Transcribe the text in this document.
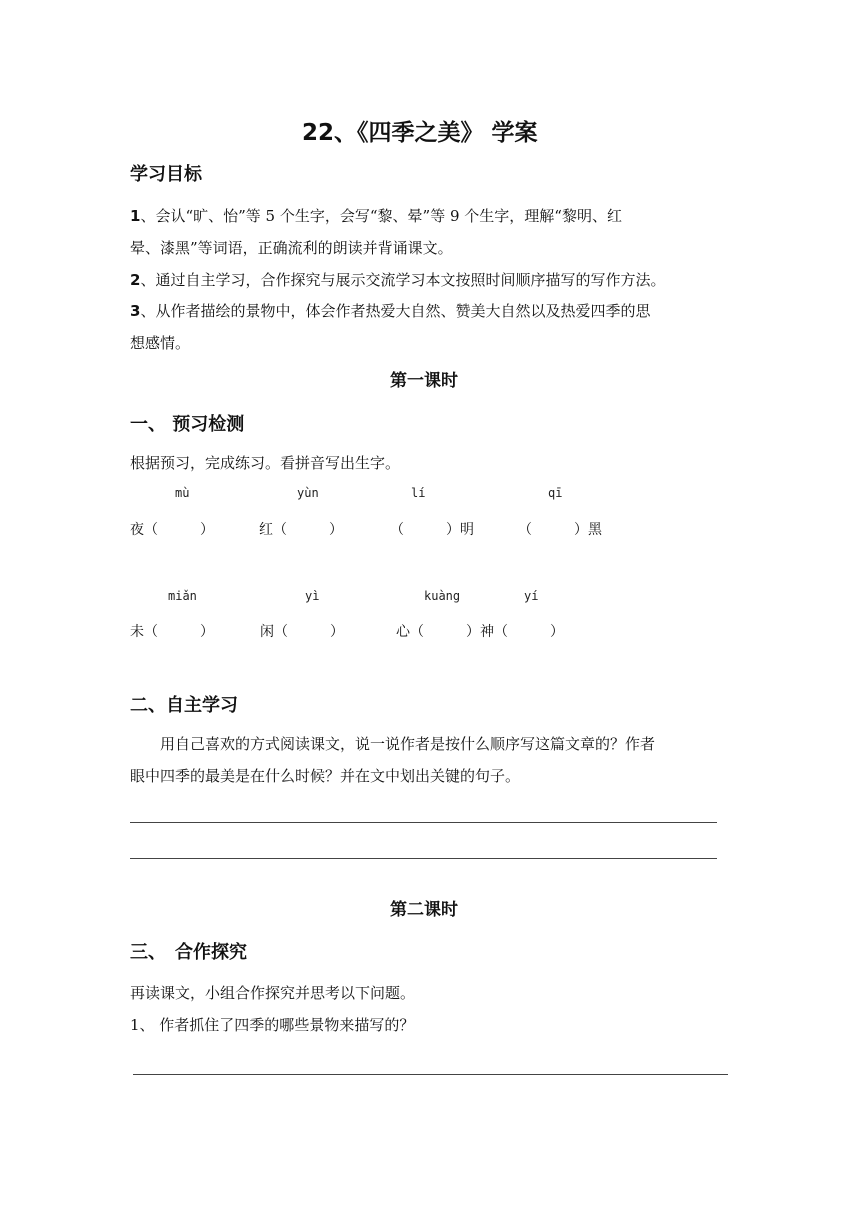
22、《四季之美》 学案
学习目标
1、会认“旷、怡”等 5 个生字，会写“黎、晕”等 9 个生字，理解“黎明、红
晕、漆黑”等词语，正确流利的朗读并背诵课文。
2、通过自主学习，合作探究与展示交流学习本文按照时间顺序描写的写作方法。
3、从作者描绘的景物中，体会作者热爱大自然、赞美大自然以及热爱四季的思
想感情。
第一课时
一、 预习检测
根据预习，完成练习。看拼音写出生字。
mù	yùn	lí	qī
夜（　　　）	红（　　　）	（　　　）明	（　　　）黑
miǎn	yì	kuàng	yí
未（　　　）	闲（　　　）	心（　　　）神（　　　）
二、自主学习
用自己喜欢的方式阅读课文，说一说作者是按什么顺序写这篇文章的？作者
眼中四季的最美是在什么时候？并在文中划出关键的句子。
第二课时
三、　合作探究
再读课文，小组合作探究并思考以下问题。
1、 作者抓住了四季的哪些景物来描写的？
